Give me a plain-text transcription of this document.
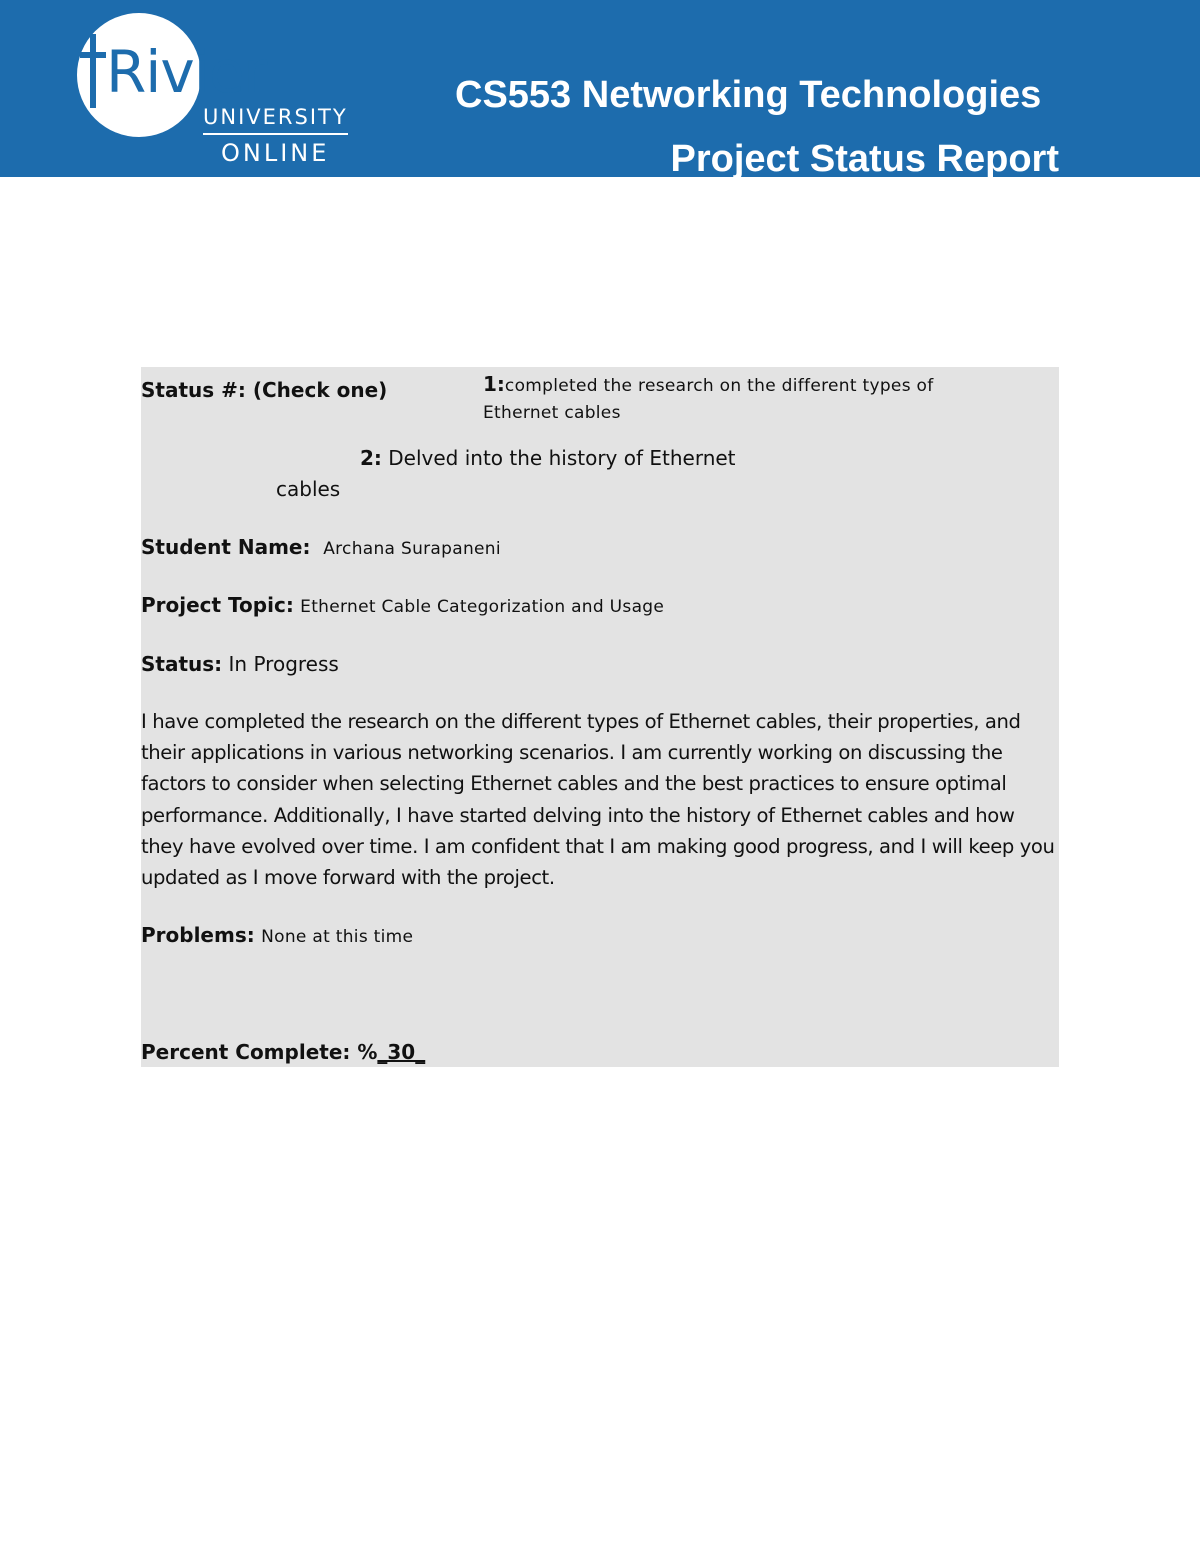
Rivier
UNIVERSITY
ONLINE
CS553 Networking Technologies
Project Status Report
Status #: (Check one)	1:completed the research on the different types of
Ethernet cables
2: Delved into the history of Ethernet
cables
Student Name: Archana Surapaneni
Project Topic: Ethernet Cable Categorization and Usage
Status: In Progress
I have completed the research on the different types of Ethernet cables, their properties, and their applications in various networking scenarios. I am currently working on discussing the factors to consider when selecting Ethernet cables and the best practices to ensure optimal performance. Additionally, I have started delving into the history of Ethernet cables and how they have evolved over time. I am confident that I am making good progress, and I will keep you updated as I move forward with the project.
Problems: None at this time
Percent Complete: %_30_
